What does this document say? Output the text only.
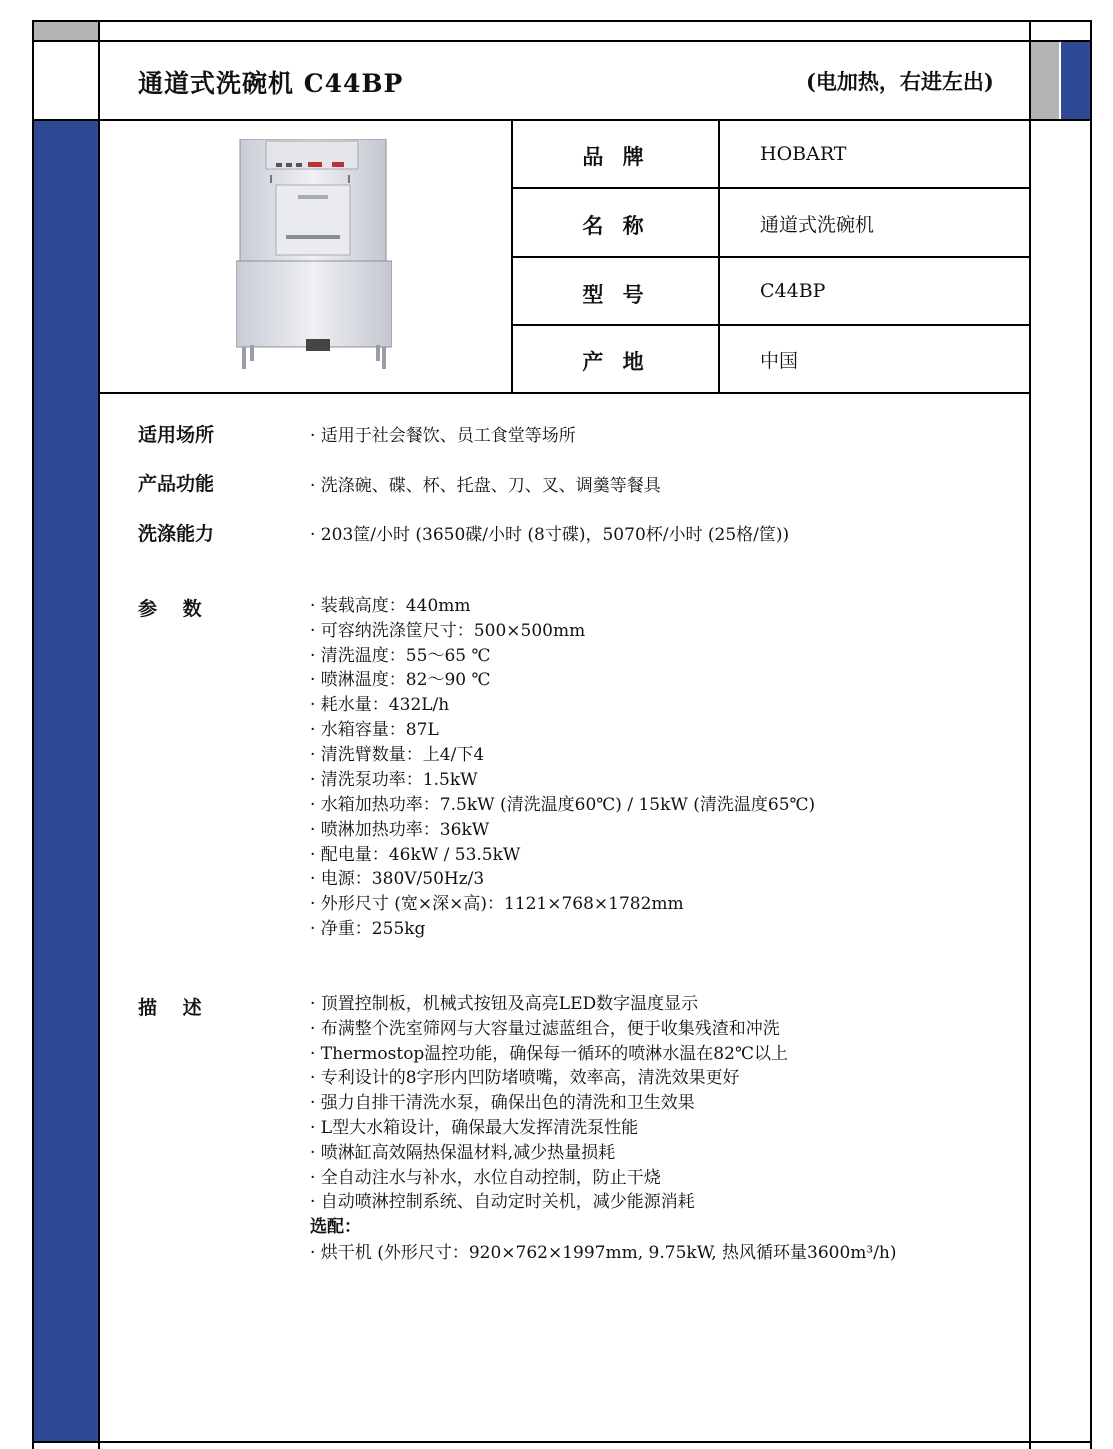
通道式洗碗机 C44BP	(电加热，右进左出)
品 牌	HOBART
名 称	通道式洗碗机
型 号	C44BP
产 地	中国
适用场所	· 适用于社会餐饮、员工食堂等场所
产品功能	· 洗涤碗、碟、杯、托盘、刀、叉、调羹等餐具
洗涤能力	· 203筐/小时 (3650碟/小时 (8寸碟)，5070杯/小时 (25格/筐))
参　 数	· 装载高度：440mm
· 可容纳洗涤筐尺寸：500×500mm
· 清洗温度：55～65 ℃
· 喷淋温度：82～90 ℃
· 耗水量：432L/h
· 水箱容量：87L
· 清洗臂数量：上4/下4
· 清洗泵功率：1.5kW
· 水箱加热功率：7.5kW (清洗温度60℃) / 15kW (清洗温度65℃)
· 喷淋加热功率：36kW
· 配电量：46kW / 53.5kW
· 电源：380V/50Hz/3
· 外形尺寸 (宽×深×高)：1121×768×1782mm
· 净重：255kg
描　 述	· 顶置控制板，机械式按钮及高亮LED数字温度显示
· 布满整个洗室筛网与大容量过滤蓝组合，便于收集残渣和冲洗
· Thermostop温控功能，确保每一循环的喷淋水温在82℃以上
· 专利设计的8字形内凹防堵喷嘴，效率高，清洗效果更好
· 强力自排干清洗水泵，确保出色的清洗和卫生效果
· L型大水箱设计，确保最大发挥清洗泵性能
· 喷淋缸高效隔热保温材料,减少热量损耗
· 全自动注水与补水，水位自动控制，防止干烧
· 自动喷淋控制系统、自动定时关机，减少能源消耗
选配：
· 烘干机 (外形尺寸：920×762×1997mm, 9.75kW, 热风循环量3600m³/h)
